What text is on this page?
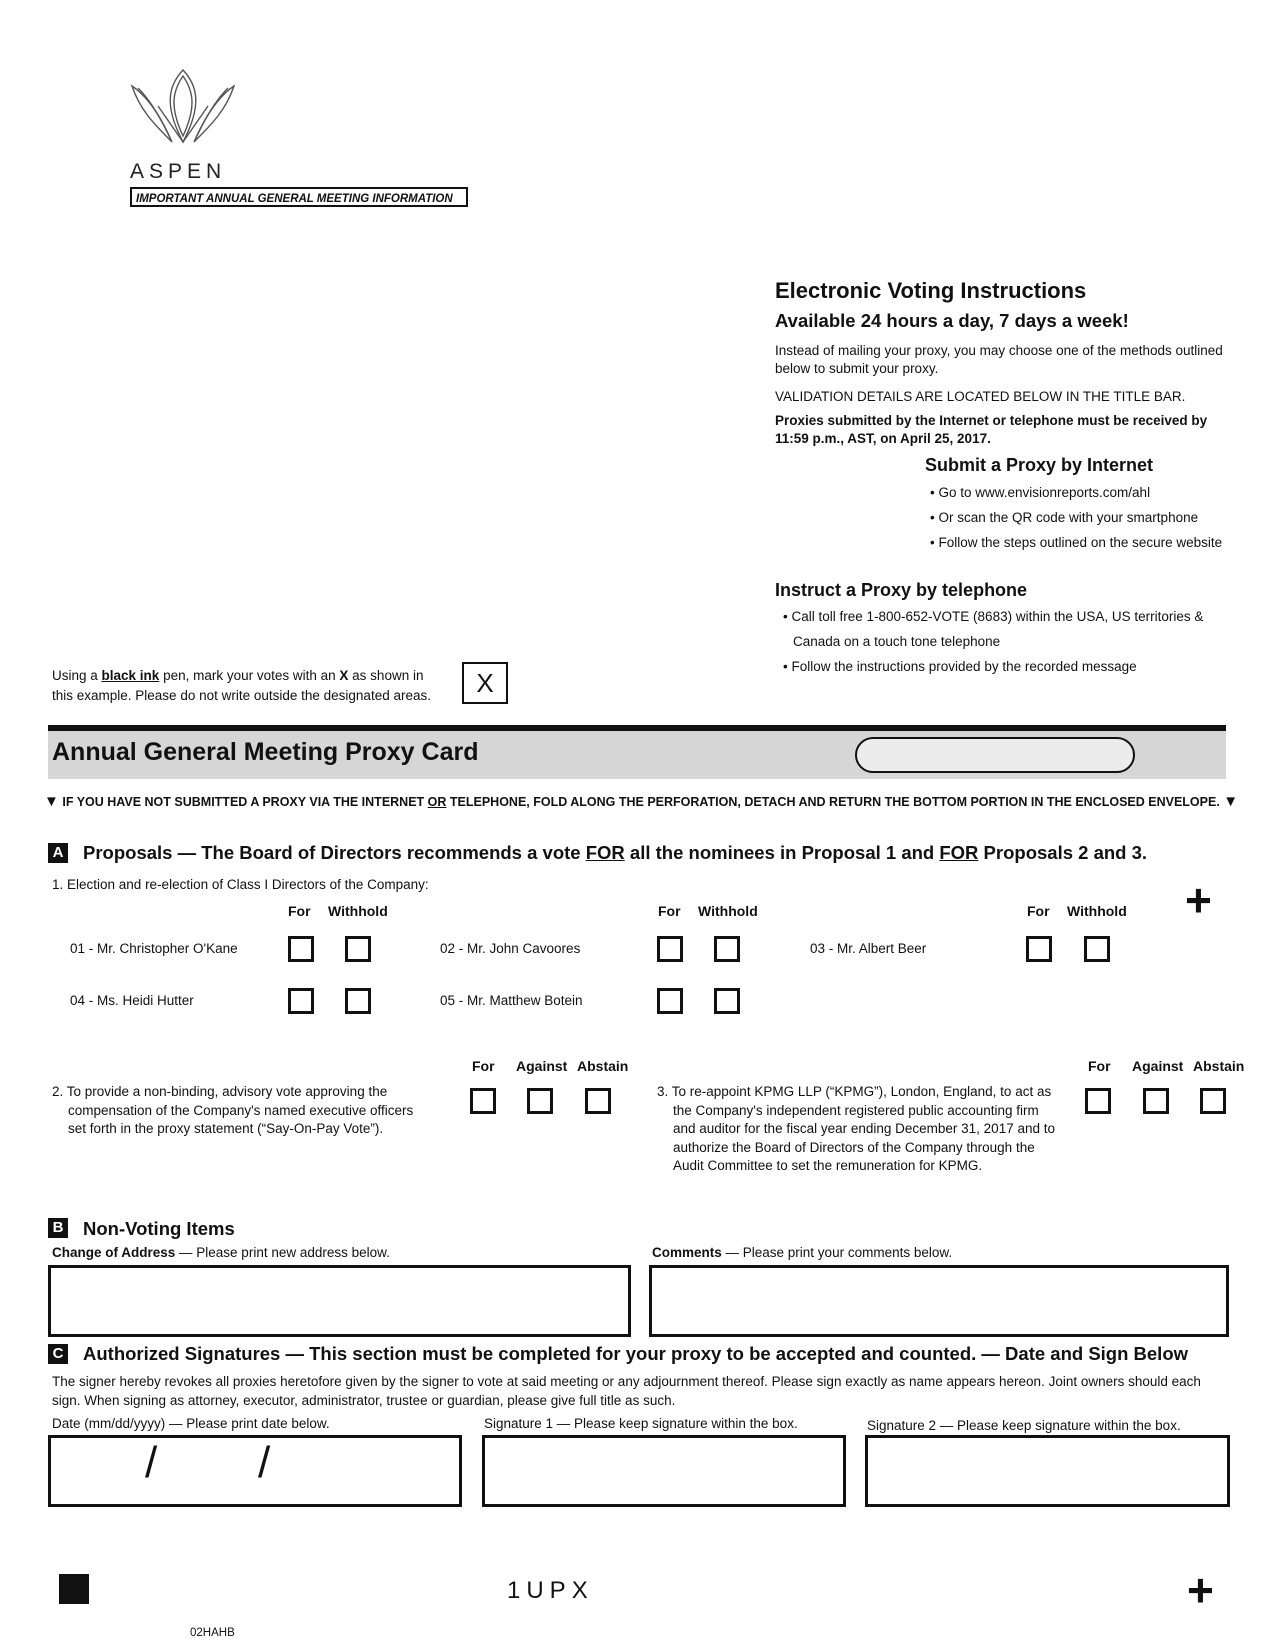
ASPEN
IMPORTANT ANNUAL GENERAL MEETING INFORMATION
Electronic Voting Instructions
Available 24 hours a day, 7 days a week!
Instead of mailing your proxy, you may choose one of the methods outlined below to submit your proxy.
VALIDATION DETAILS ARE LOCATED BELOW IN THE TITLE BAR.
Proxies submitted by the Internet or telephone must be received by 11:59 p.m., AST, on April 25, 2017.
Submit a Proxy by Internet
• Go to www.envisionreports.com/ahl
• Or scan the QR code with your smartphone
• Follow the steps outlined on the secure website
Instruct a Proxy by telephone
• Call toll free 1-800-652-VOTE (8683) within the USA, US territories &
Canada on a touch tone telephone
• Follow the instructions provided by the recorded message
Using a black ink pen, mark your votes with an X as shown in
this example. Please do not write outside the designated areas.	X
Annual General Meeting Proxy Card
▼ IF YOU HAVE NOT SUBMITTED A PROXY VIA THE INTERNET OR TELEPHONE, FOLD ALONG THE PERFORATION, DETACH AND RETURN THE BOTTOM PORTION IN THE ENCLOSED ENVELOPE. ▼
A Proposals — The Board of Directors recommends a vote FOR all the nominees in Proposal 1 and FOR Proposals 2 and 3.
1. Election and re-election of Class I Directors of the Company:
For Withhold	For Withhold	For Withhold +
01 - Mr. Christopher O'Kane	02 - Mr. John Cavoores	03 - Mr. Albert Beer
04 - Ms. Heidi Hutter	05 - Mr. Matthew Botein
For Against Abstain
2. To provide a non-binding, advisory vote approving the
compensation of the Company's named executive officers
set forth in the proxy statement (“Say-On-Pay Vote”).
For Against Abstain
3. To re-appoint KPMG LLP (“KPMG”), London, England, to act as
the Company's independent registered public accounting firm
and auditor for the fiscal year ending December 31, 2017 and to
authorize the Board of Directors of the Company through the
Audit Committee to set the remuneration for KPMG.
B Non-Voting Items
Change of Address — Please print new address below.	Comments — Please print your comments below.
C Authorized Signatures — This section must be completed for your proxy to be accepted and counted. — Date and Sign Below
The signer hereby revokes all proxies heretofore given by the signer to vote at said meeting or any adjournment thereof. Please sign exactly as name appears hereon. Joint owners should each
sign. When signing as attorney, executor, administrator, trustee or guardian, please give full title as such.
Date (mm/dd/yyyy) — Please print date below.	Signature 1 — Please keep signature within the box.	Signature 2 — Please keep signature within the box.
/ /
1UPX	+
02HAHB
